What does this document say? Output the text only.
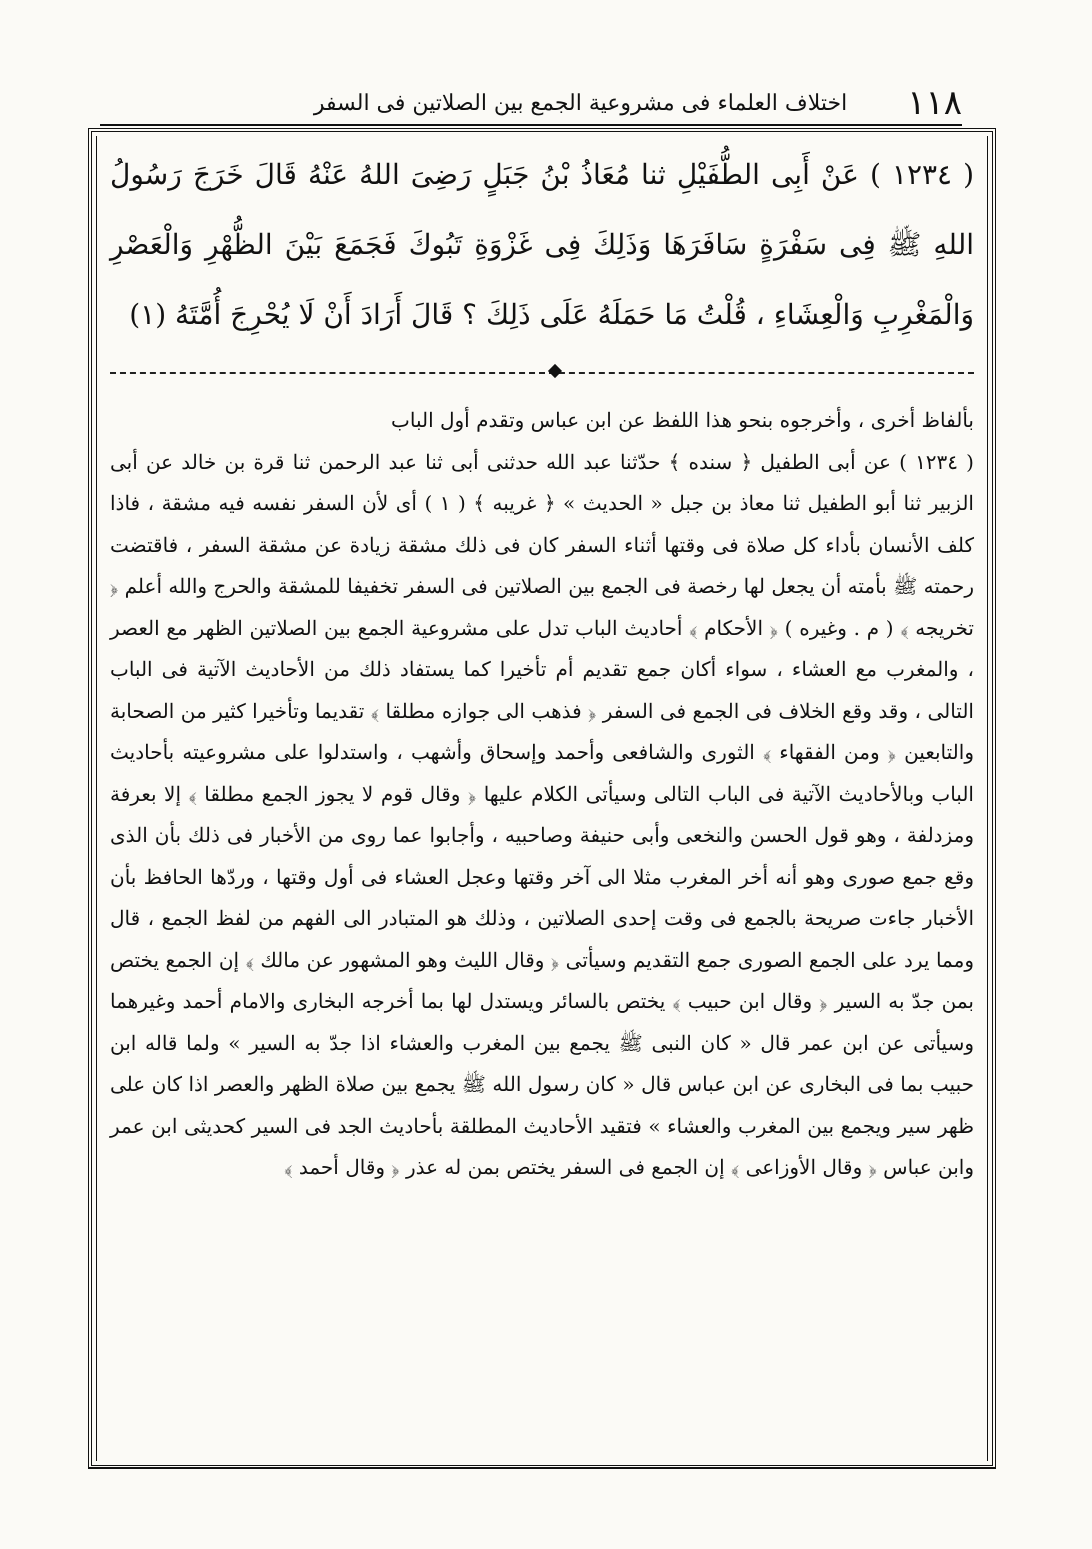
١١٨
اختلاف العلماء فى مشروعية الجمع بين الصلاتين فى السفر
( ١٢٣٤ ) عَنْ أَبِى الطُّفَيْلِ ثنا مُعَاذُ بْنُ جَبَلٍ رَضِىَ اللهُ عَنْهُ قَالَ خَرَجَ رَسُولُ اللهِ ﷺ فِى سَفْرَةٍ سَافَرَهَا وَذَلِكَ فِى غَزْوَةِ تَبُوكَ فَجَمَعَ بَيْنَ الظُّهْرِ وَالْعَصْرِ وَالْمَغْرِبِ وَالْعِشَاءِ ، قُلْتُ مَا حَمَلَهُ عَلَى ذَلِكَ ؟ قَالَ أَرَادَ أَنْ لَا يُحْرِجَ أُمَّتَهُ (١)

بألفاظ أخرى ، وأخرجوه بنحو هذا اللفظ عن ابن عباس وتقدم أول الباب

( ١٢٣٤ ) عن أبى الطفيل ﴿ سنده ﴾ حدّثنا عبد الله حدثنى أبى ثنا عبد الرحمن ثنا قرة بن خالد عن أبى الزبير ثنا أبو الطفيل ثنا معاذ بن جبل « الحديث » ﴿ غريبه ﴾ ( ١ ) أى لأن السفر نفسه فيه مشقة ، فاذا كلف الأنسان بأداء كل صلاة فى وقتها أثناء السفر كان فى ذلك مشقة زيادة عن مشقة السفر ، فاقتضت رحمته ﷺ بأمته أن يجعل لها رخصة فى الجمع بين الصلاتين فى السفر تخفيفا للمشقة والحرج والله أعلم ﴿ تخريجه ﴾ ( م . وغيره ) ﴿ الأحكام ﴾ أحاديث الباب تدل على مشروعية الجمع بين الصلاتين الظهر مع العصر ، والمغرب مع العشاء ، سواء أكان جمع تقديم أم تأخيرا كما يستفاد ذلك من الأحاديث الآتية فى الباب التالى ، وقد وقع الخلاف فى الجمع فى السفر ﴿ فذهب الى جوازه مطلقا ﴾ تقديما وتأخيرا كثير من الصحابة والتابعين ﴿ ومن الفقهاء ﴾ الثورى والشافعى وأحمد وإسحاق وأشهب ، واستدلوا على مشروعيته بأحاديث الباب وبالأحاديث الآتية فى الباب التالى وسيأتى الكلام عليها ﴿ وقال قوم لا يجوز الجمع مطلقا ﴾ إلا بعرفة ومزدلفة ، وهو قول الحسن والنخعى وأبى حنيفة وصاحبيه ، وأجابوا عما روى من الأخبار فى ذلك بأن الذى وقع جمع صورى وهو أنه أخر المغرب مثلا الى آخر وقتها وعجل العشاء فى أول وقتها ، وردّها الحافظ بأن الأخبار جاءت صريحة بالجمع فى وقت إحدى الصلاتين ، وذلك هو المتبادر الى الفهم من لفظ الجمع ، قال ومما يرد على الجمع الصورى جمع التقديم وسيأتى ﴿ وقال الليث وهو المشهور عن مالك ﴾ إن الجمع يختص بمن جدّ به السير ﴿ وقال ابن حبيب ﴾ يختص بالسائر ويستدل لها بما أخرجه البخارى والامام أحمد وغيرهما وسيأتى عن ابن عمر قال « كان النبى ﷺ يجمع بين المغرب والعشاء اذا جدّ به السير » ولما قاله ابن حبيب بما فى البخارى عن ابن عباس قال « كان رسول الله ﷺ يجمع بين صلاة الظهر والعصر اذا كان على ظهر سير ويجمع بين المغرب والعشاء » فتقيد الأحاديث المطلقة بأحاديث الجد فى السير كحديثى ابن عمر وابن عباس ﴿ وقال الأوزاعى ﴾ إن الجمع فى السفر يختص بمن له عذر ﴿ وقال أحمد ﴾
